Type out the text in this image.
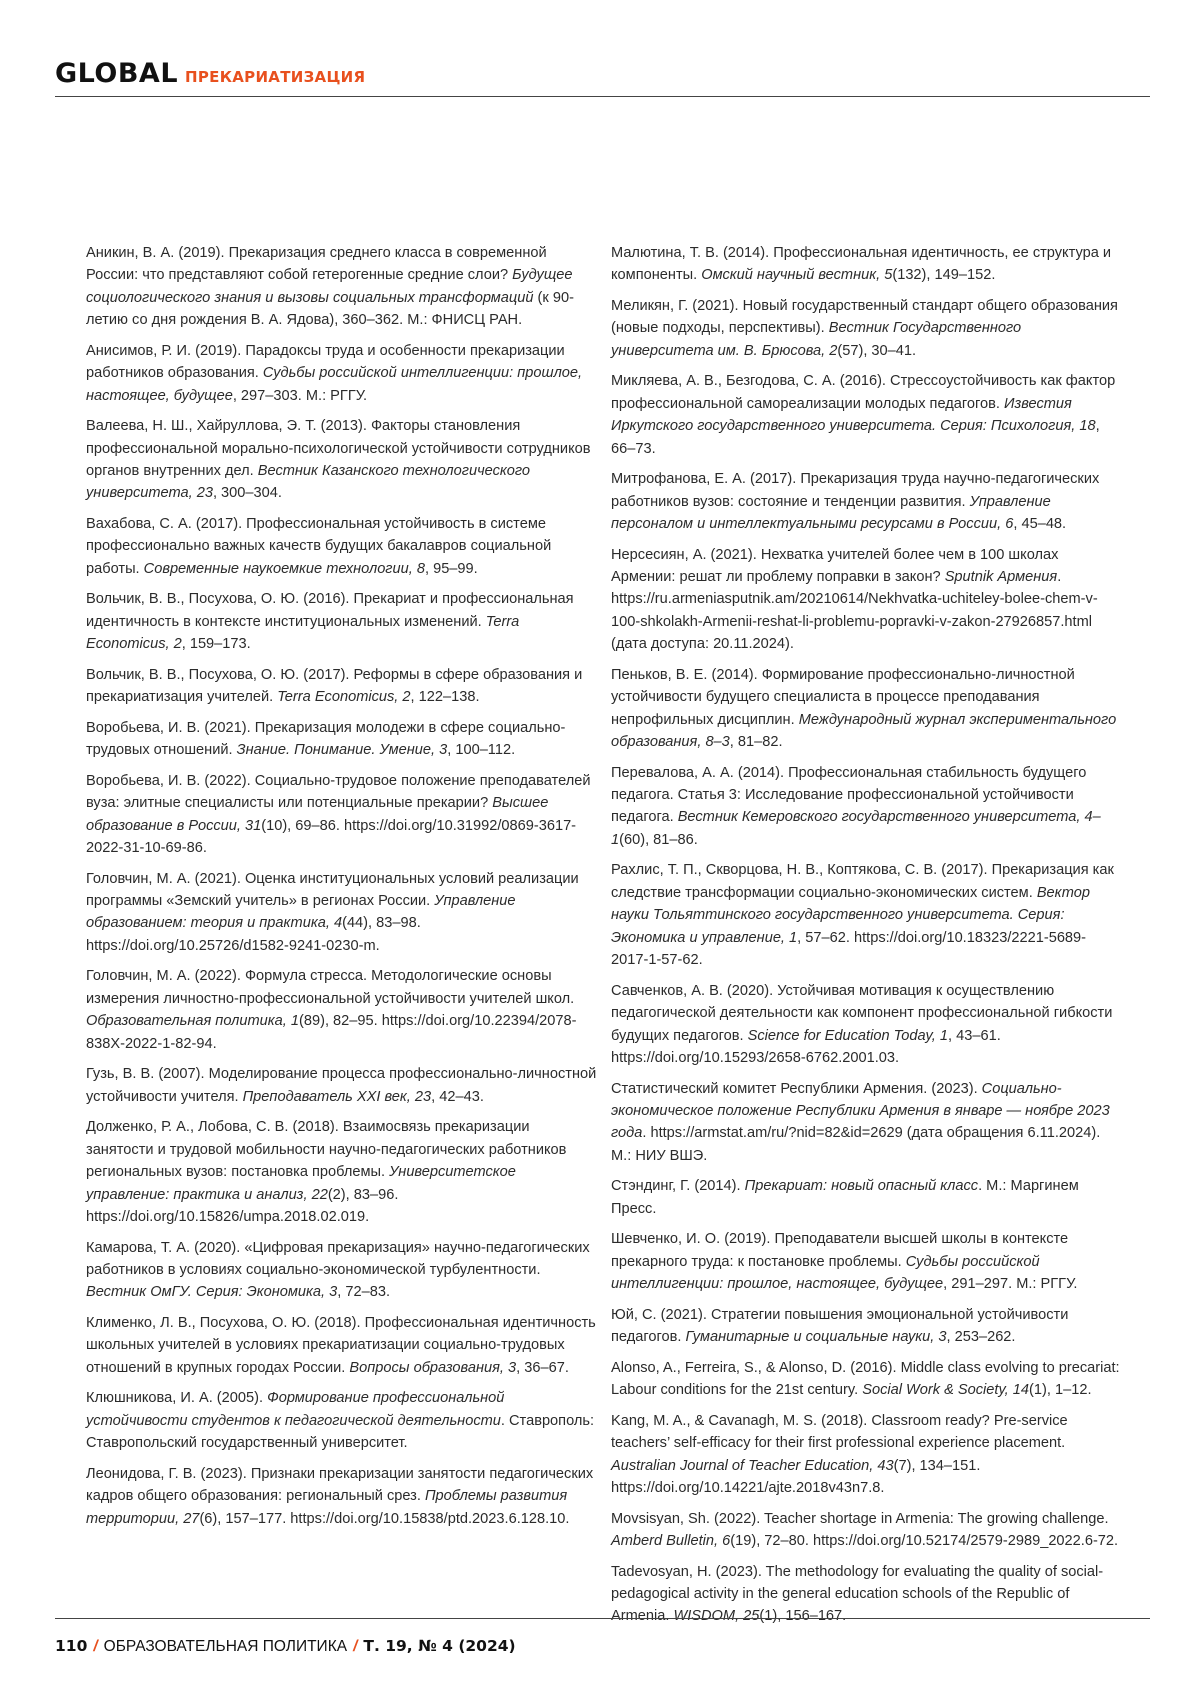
GLOBAL ПРЕКАРИАТИЗАЦИЯ

Аникин, В. А. (2019). Прекаризация среднего класса в современной России: что представляют собой гетерогенные средние слои? Будущее социологического знания и вызовы социальных трансформаций (к 90-летию со дня рождения В. А. Ядова), 360–362. М.: ФНИСЦ РАН.

Анисимов, Р. И. (2019). Парадоксы труда и особенности прекаризации работников образования. Судьбы российской интеллигенции: прошлое, настоящее, будущее, 297–303. М.: РГГУ.

Валеева, Н. Ш., Хайруллова, Э. Т. (2013). Факторы становления профессиональной морально-психологической устойчивости сотрудников органов внутренних дел. Вестник Казанского технологического университета, 23, 300–304.

Вахабова, С. А. (2017). Профессиональная устойчивость в системе профессионально важных качеств будущих бакалавров социальной работы. Современные наукоемкие технологии, 8, 95–99.

Вольчик, В. В., Посухова, О. Ю. (2016). Прекариат и профессиональная идентичность в контексте институциональных изменений. Terra Economicus, 2, 159–173.

Вольчик, В. В., Посухова, О. Ю. (2017). Реформы в сфере образования и прекариатизация учителей. Terra Economicus, 2, 122–138.

Воробьева, И. В. (2021). Прекаризация молодежи в сфере социально-трудовых отношений. Знание. Понимание. Умение, 3, 100–112.

Воробьева, И. В. (2022). Социально-трудовое положение преподавателей вуза: элитные специалисты или потенциальные прекарии? Высшее образование в России, 31(10), 69–86. https://doi.org/10.31992/0869-3617-2022-31-10-69-86.

Головчин, М. А. (2021). Оценка институциональных условий реализации программы «Земский учитель» в регионах России. Управление образованием: теория и практика, 4(44), 83–98. https://doi.org/10.25726/d1582-9241-0230-m.

Головчин, М. А. (2022). Формула стресса. Методологические основы измерения личностно-профессиональной устойчивости учителей школ. Образовательная политика, 1(89), 82–95. https://doi.org/10.22394/2078-838X-2022-1-82-94.

Гузь, В. В. (2007). Моделирование процесса профессионально-личностной устойчивости учителя. Преподаватель XXI век, 23, 42–43.

Долженко, Р. А., Лобова, С. В. (2018). Взаимосвязь прекаризации занятости и трудовой мобильности научно-педагогических работников региональных вузов: постановка проблемы. Университетское управление: практика и анализ, 22(2), 83–96. https://doi.org/10.15826/umpa.2018.02.019.

Камарова, Т. А. (2020). «Цифровая прекаризация» научно-педагогических работников в условиях социально-экономической турбулентности. Вестник ОмГУ. Серия: Экономика, 3, 72–83.

Клименко, Л. В., Посухова, О. Ю. (2018). Профессиональная идентичность школьных учителей в условиях прекариатизации социально-трудовых отношений в крупных городах России. Вопросы образования, 3, 36–67.

Клюшникова, И. А. (2005). Формирование профессиональной устойчивости студентов к педагогической деятельности. Ставрополь: Ставропольский государственный университет.

Леонидова, Г. В. (2023). Признаки прекаризации занятости педагогических кадров общего образования: региональный срез. Проблемы развития территории, 27(6), 157–177. https://doi.org/10.15838/ptd.2023.6.128.10.

Малютина, Т. В. (2014). Профессиональная идентичность, ее структура и компоненты. Омский научный вестник, 5(132), 149–152.

Меликян, Г. (2021). Новый государственный стандарт общего образования (новые подходы, перспективы). Вестник Государственного университета им. В. Брюсова, 2(57), 30–41.

Микляева, А. В., Безгодова, С. А. (2016). Стрессоустойчивость как фактор профессиональной самореализации молодых педагогов. Известия Иркутского государственного университета. Серия: Психология, 18, 66–73.

Митрофанова, Е. А. (2017). Прекаризация труда научно-педагогических работников вузов: состояние и тенденции развития. Управление персоналом и интеллектуальными ресурсами в России, 6, 45–48.

Нерсесиян, А. (2021). Нехватка учителей более чем в 100 школах Армении: решат ли проблему поправки в закон? Sputnik Армения. https://ru.armeniasputnik.am/20210614/Nekhvatka-uchiteley-bolee-chem-v-100-shkolakh-Armenii-reshat-li-problemu-popravki-v-zakon-27926857.html (дата доступа: 20.11.2024).

Пеньков, В. Е. (2014). Формирование профессионально-личностной устойчивости будущего специалиста в процессе преподавания непрофильных дисциплин. Международный журнал экспериментального образования, 8–3, 81–82.

Перевалова, А. А. (2014). Профессиональная стабильность будущего педагога. Статья 3: Исследование профессиональной устойчивости педагога. Вестник Кемеровского государственного университета, 4–1(60), 81–86.

Рахлис, Т. П., Скворцова, Н. В., Коптякова, С. В. (2017). Прекаризация как следствие трансформации социально-экономических систем. Вектор науки Тольяттинского государственного университета. Серия: Экономика и управление, 1, 57–62. https://doi.org/10.18323/2221-5689-2017-1-57-62.

Савченков, А. В. (2020). Устойчивая мотивация к осуществлению педагогической деятельности как компонент профессиональной гибкости будущих педагогов. Science for Education Today, 1, 43–61. https://doi.org/10.15293/2658-6762.2001.03.

Статистический комитет Республики Армения. (2023). Социально-экономическое положение Республики Армения в январе — ноябре 2023 года. https://armstat.am/ru/?nid=82&id=2629 (дата обращения 6.11.2024). М.: НИУ ВШЭ.

Стэндинг, Г. (2014). Прекариат: новый опасный класс. М.: Маргинем Пресс.

Шевченко, И. О. (2019). Преподаватели высшей школы в контексте прекарного труда: к постановке проблемы. Судьбы российской интеллигенции: прошлое, настоящее, будущее, 291–297. М.: РГГУ.

Юй, С. (2021). Стратегии повышения эмоциональной устойчивости педагогов. Гуманитарные и социальные науки, 3, 253–262.

Alonso, A., Ferreira, S., & Alonso, D. (2016). Middle class evolving to precariat: Labour conditions for the 21st century. Social Work & Society, 14(1), 1–12.

Kang, M. A., & Cavanagh, M. S. (2018). Classroom ready? Pre-service teachers’ self-efficacy for their first professional experience placement. Australian Journal of Teacher Education, 43(7), 134–151. https://doi.org/10.14221/ajte.2018v43n7.8.

Movsisyan, Sh. (2022). Teacher shortage in Armenia: The growing challenge. Amberd Bulletin, 6(19), 72–80. https://doi.org/10.52174/2579-2989_2022.6-72.

Tadevosyan, H. (2023). The methodology for evaluating the quality of social-pedagogical activity in the general education schools of the Republic of Armenia. WISDOM, 25(1), 156–167.

110 / ОБРАЗОВАТЕЛЬНАЯ ПОЛИТИКА / Т. 19, № 4 (2024)
